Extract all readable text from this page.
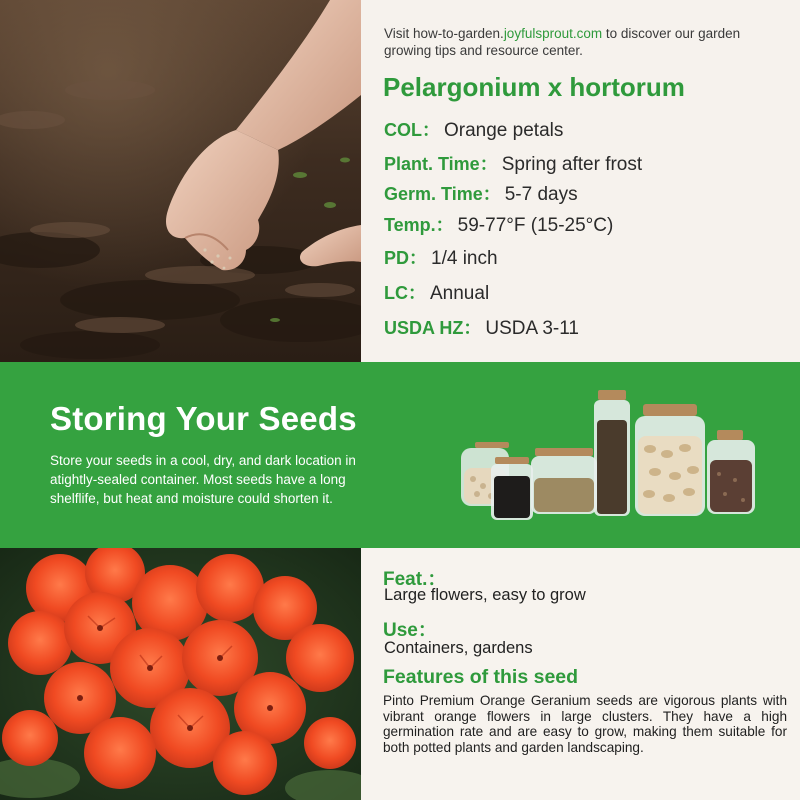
Visit how-to-garden.joyfulsprout.com to discover our garden growing tips and resource center.
Pelargonium x hortorum
COL： Orange petals
Plant. Time： Spring after frost
Germ. Time： 5-7 days
Temp.： 59-77°F (15-25°C)
PD： 1/4 inch
LC： Annual
USDA HZ： USDA 3-11
Storing Your Seeds
Store your seeds in a cool, dry, and dark location in atightly-sealed container. Most seeds have a long shelflife, but heat and moisture could shorten it.
Feat.：
Large flowers, easy to grow
Use：
Containers, gardens
Features of this seed
Pinto Premium Orange Geranium seeds are vigorous plants with vibrant orange flowers in large clusters. They have a high germination rate and are easy to grow, making them suitable for both potted plants and garden landscaping.
